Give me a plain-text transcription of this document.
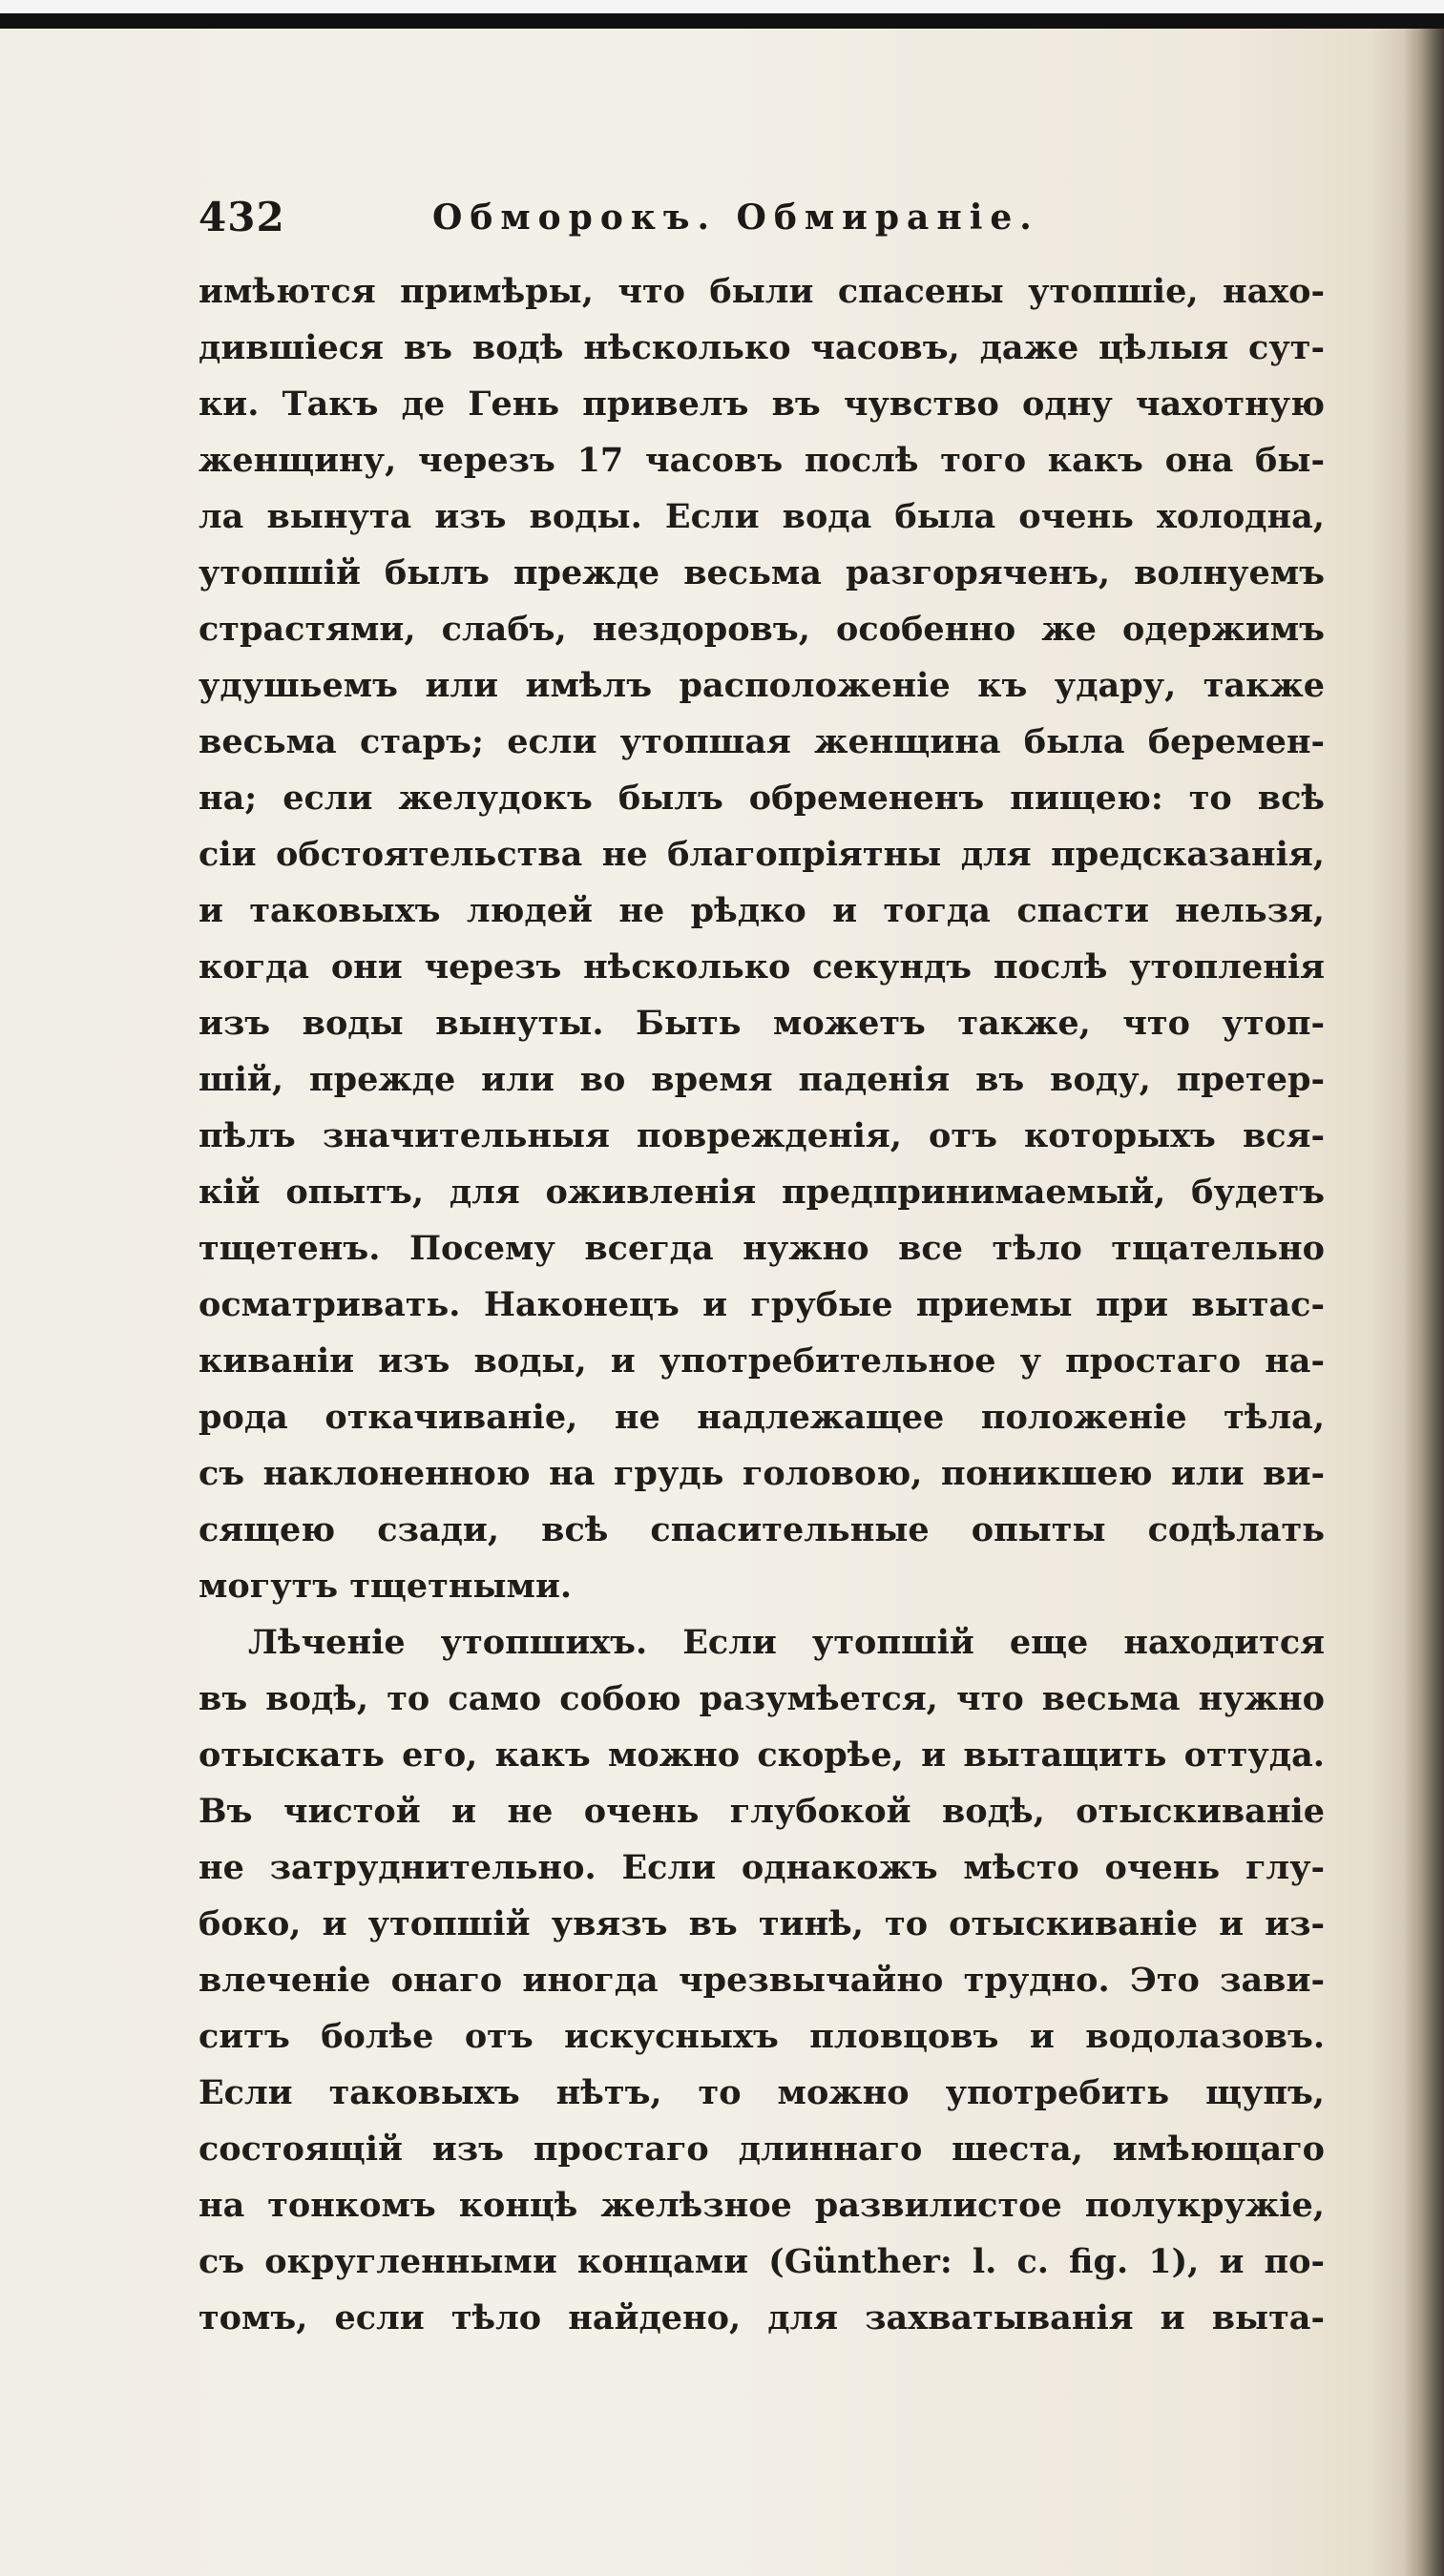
432	Обморокъ. Обмиранiе.
имѣются примѣры, что были спасены утопшiе, нахо-
дившiеся въ водѣ нѣсколько часовъ, даже цѣлыя сут-
ки. Такъ де Гень привелъ въ чувство одну чахотную
женщину, черезъ 17 часовъ послѣ того какъ она бы-
ла вынута изъ воды. Если вода была очень холодна,
утопшiй былъ прежде весьма разгоряченъ, волнуемъ
страстями, слабъ, нездоровъ, особенно же одержимъ
удушьемъ или имѣлъ расположенiе къ удару, также
весьма старъ; если утопшая женщина была беремен-
на; если желудокъ былъ обремененъ пищею: то всѣ
сiи обстоятельства не благопрiятны для предсказанiя,
и таковыхъ людей не рѣдко и тогда спасти нельзя,
когда они черезъ нѣсколько секундъ послѣ утопленiя
изъ воды вынуты. Быть можетъ также, что утоп-
шiй, прежде или во время паденiя въ воду, претер-
пѣлъ значительныя поврежденiя, отъ которыхъ вся-
кiй опытъ, для оживленiя предпринимаемый, будетъ
тщетенъ. Посему всегда нужно все тѣло тщательно
осматривать. Наконецъ и грубые приемы при вытас-
киванiи изъ воды, и употребительное у простаго на-
рода откачиванiе, не надлежащее положенiе тѣла,
съ наклоненною на грудь головою, поникшею или ви-
сящею сзади, всѣ спасительные опыты содѣлать
могутъ тщетными.
Лѣченiе утопшихъ. Если утопшiй еще находится
въ водѣ, то само собою разумѣется, что весьма нужно
отыскать его, какъ можно скорѣе, и вытащить оттуда.
Въ чистой и не очень глубокой водѣ, отыскиванiе
не затруднительно. Если однакожъ мѣсто очень глу-
боко, и утопшiй увязъ въ тинѣ, то отыскиванiе и из-
влеченiе онаго иногда чрезвычайно трудно. Это зави-
ситъ болѣе отъ искусныхъ пловцовъ и водолазовъ.
Если таковыхъ нѣтъ, то можно употребить щупъ,
состоящiй изъ простаго длиннаго шеста, имѣющаго
на тонкомъ концѣ желѣзное развилистое полукружiе,
съ округленными концами (Günther: l. c. fig. 1), и по-
томъ, если тѣло найдено, для захватыванiя и выта-
